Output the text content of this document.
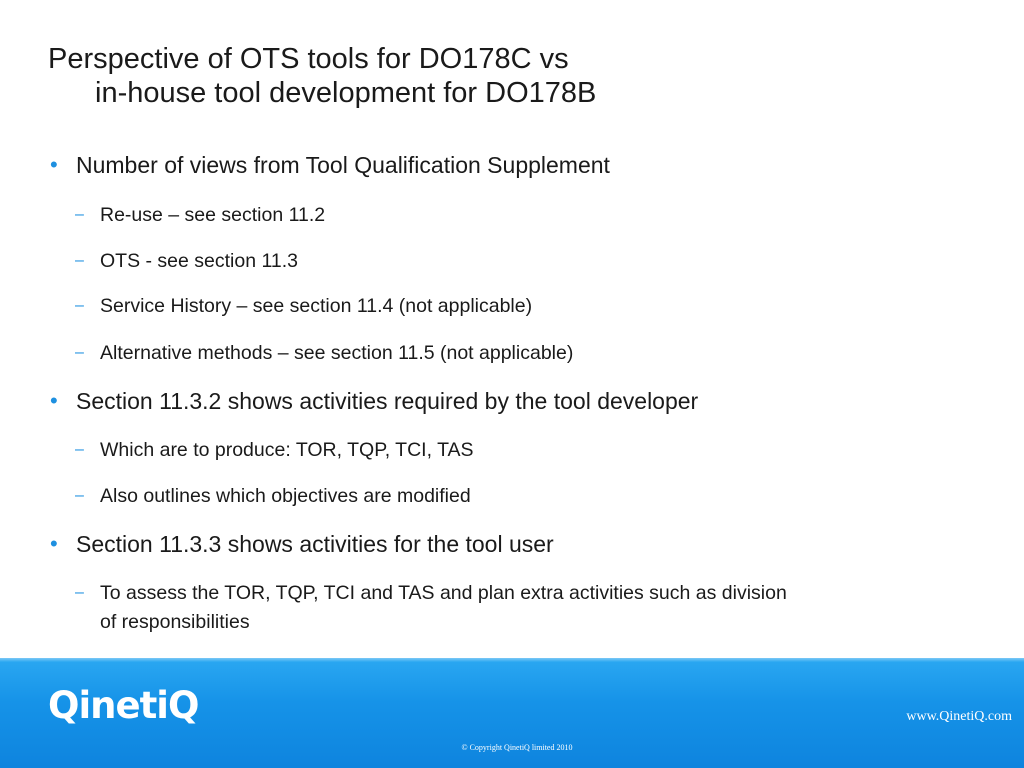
Perspective of OTS tools for DO178C vs
in-house tool development for DO178B
• Number of views from Tool Qualification Supplement
– Re-use – see section 11.2
– OTS - see section 11.3
– Service History – see section 11.4 (not applicable)
– Alternative methods – see section 11.5 (not applicable)
• Section 11.3.2 shows activities required by the tool developer
– Which are to produce: TOR, TQP, TCI, TAS
– Also outlines which objectives are modified
• Section 11.3.3 shows activities for the tool user
– To assess the TOR, TQP, TCI and TAS and plan extra activities such as division
of responsibilities
QinetiQ	www.QinetiQ.com
© Copyright QinetiQ limited 2010
